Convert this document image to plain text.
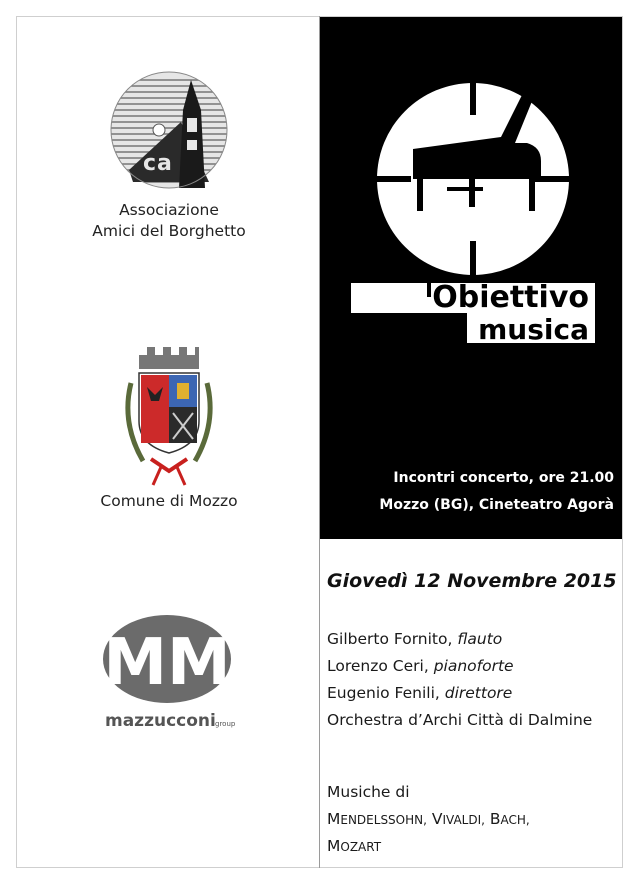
c a
Associazione
Amici del Borghetto
Comune di Mozzo
MM
mazzucconi group
Obiettivo
musica
Incontri concerto, ore 21.00
Mozzo (BG), Cineteatro Agorà
Giovedì 12 Novembre 2015
Gilberto Fornito, flauto
Lorenzo Ceri, pianoforte
Eugenio Fenili, direttore
Orchestra d’Archi Città di Dalmine
Musiche di
MENDELSSOHN, VIVALDI, BACH,
MOZART
